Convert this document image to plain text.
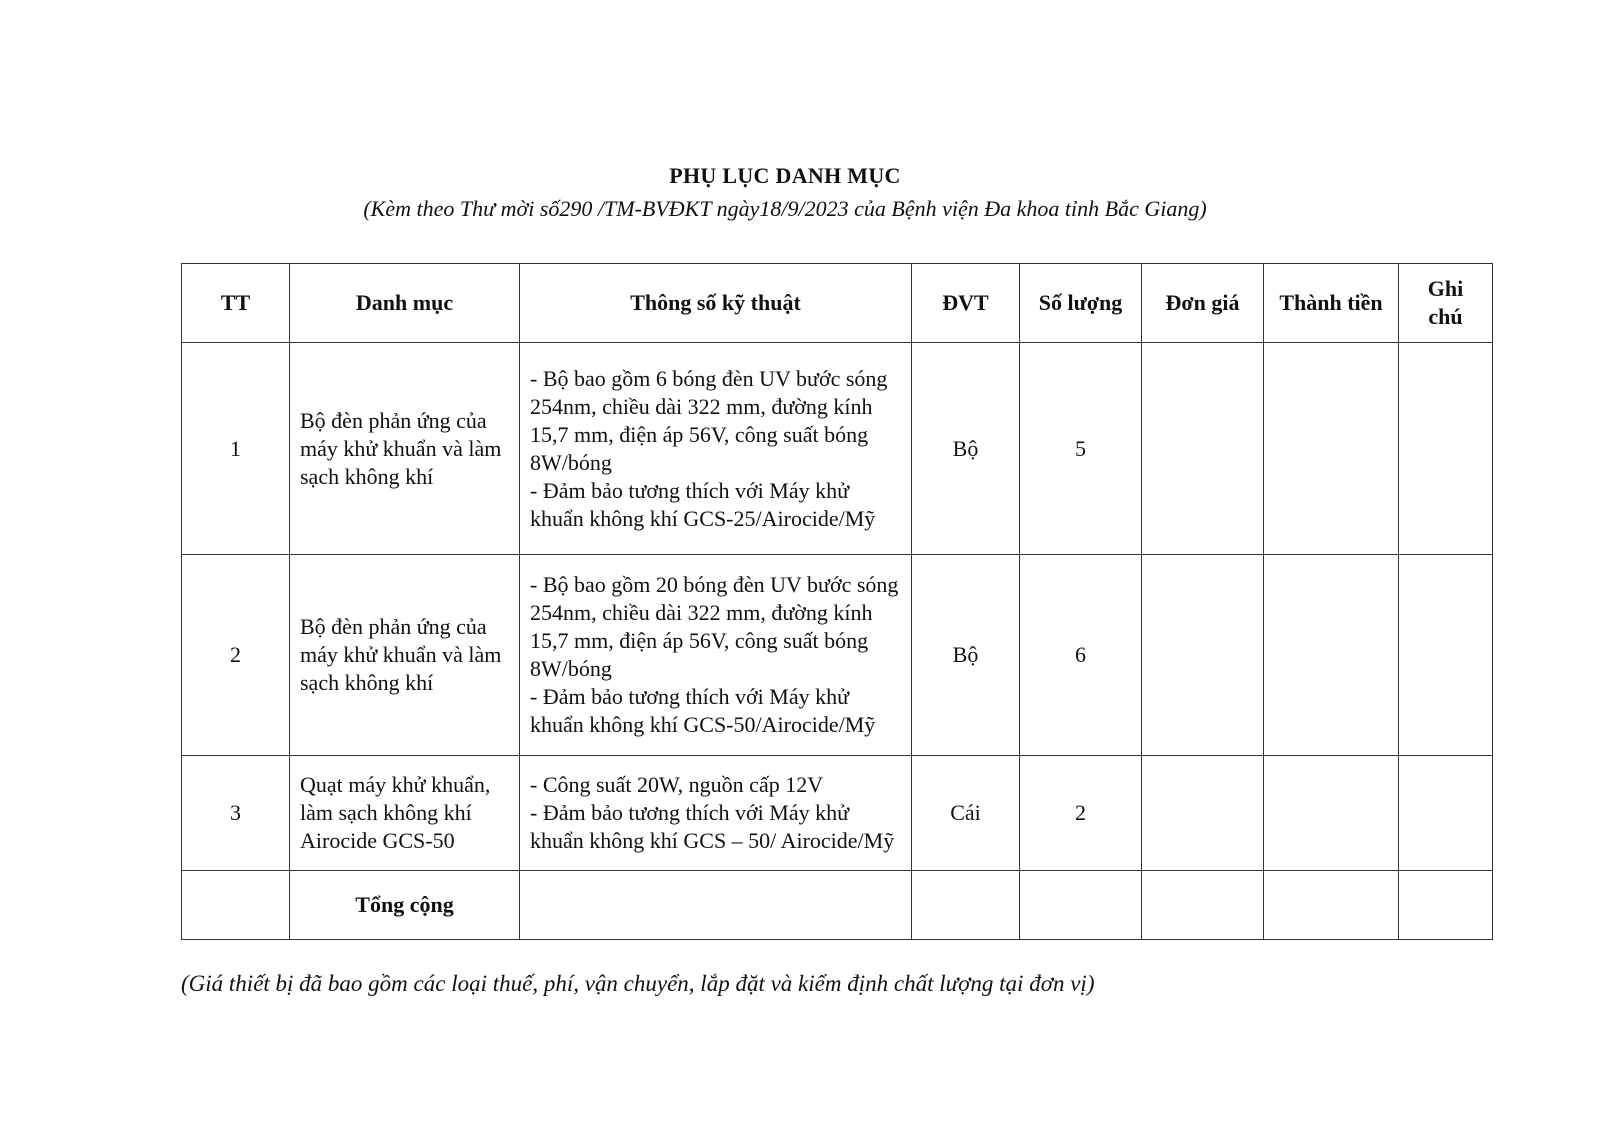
PHỤ LỤC DANH MỤC
(Kèm theo Thư mời số290 /TM-BVĐKT ngày18/9/2023 của Bệnh viện Đa khoa tỉnh Bắc Giang)
TT	Danh mục	Thông số kỹ thuật	ĐVT	Số lượng	Đơn giá	Thành tiền	Ghi chú
1	Bộ đèn phản ứng của máy khử khuẩn và làm sạch không khí	- Bộ bao gồm 6 bóng đèn UV bước sóng 254nm, chiều dài 322 mm, đường kính 15,7 mm, điện áp 56V, công suất bóng 8W/bóng
- Đảm bảo tương thích với Máy khử khuẩn không khí GCS-25/Airocide/Mỹ	Bộ	5			
2	Bộ đèn phản ứng của máy khử khuẩn và làm sạch không khí	- Bộ bao gồm 20 bóng đèn UV bước sóng 254nm, chiều dài 322 mm, đường kính 15,7 mm, điện áp 56V, công suất bóng 8W/bóng
- Đảm bảo tương thích với Máy khử khuẩn không khí GCS-50/Airocide/Mỹ	Bộ	6			
3	Quạt máy khử khuẩn, làm sạch không khí Airocide GCS-50	- Công suất 20W, nguồn cấp 12V
- Đảm bảo tương thích với Máy khử khuẩn không khí GCS – 50/ Airocide/Mỹ	Cái	2			
	Tổng cộng						
(Giá thiết bị đã bao gồm các loại thuế, phí, vận chuyển, lắp đặt và kiểm định chất lượng tại đơn vị)
